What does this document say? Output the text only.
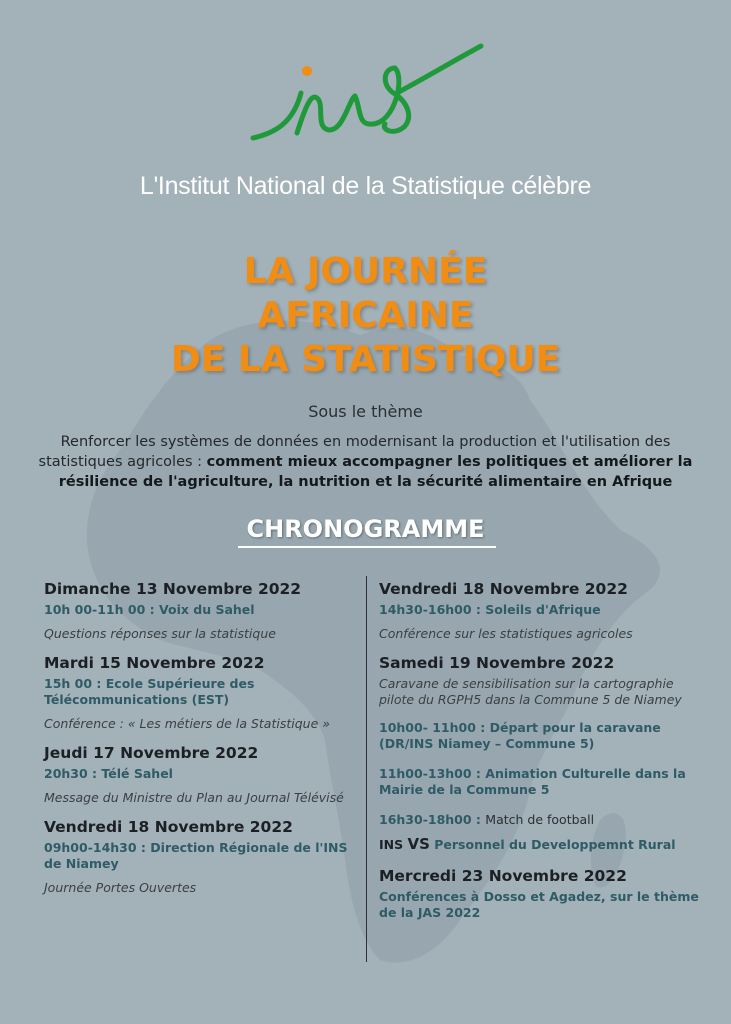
L'Institut National de la Statistique célèbre
LA JOURNÉE
AFRICAINE
DE LA STATISTIQUE
Sous le thème
Renforcer les systèmes de données en modernisant la production et l'utilisation des statistiques agricoles : comment mieux accompagner les politiques et améliorer la résilience de l'agriculture, la nutrition et la sécurité alimentaire en Afrique
CHRONOGRAMME
Dimanche 13 Novembre 2022
10h 00-11h 00 : Voix du Sahel
Questions réponses sur la statistique
Mardi 15 Novembre 2022
15h 00 : Ecole Supérieure des Télécommunications (EST)
Conférence : « Les métiers de la Statistique »
Jeudi 17 Novembre 2022
20h30 : Télé Sahel
Message du Ministre du Plan au Journal Télévisé
Vendredi 18 Novembre 2022
09h00-14h30 : Direction Régionale de l'INS de Niamey
Journée Portes Ouvertes
Vendredi 18 Novembre 2022
14h30-16h00 : Soleils d'Afrique
Conférence sur les statistiques agricoles
Samedi 19 Novembre 2022
Caravane de sensibilisation sur la cartographie pilote du RGPH5 dans la Commune 5 de Niamey
10h00- 11h00 : Départ pour la caravane (DR/INS Niamey – Commune 5)
11h00-13h00 : Animation Culturelle dans la Mairie de la Commune 5
16h30-18h00 : Match de football
INS VS Personnel du Developpemnt Rural
Mercredi 23 Novembre 2022
Conférences à Dosso et Agadez, sur le thème de la JAS 2022
